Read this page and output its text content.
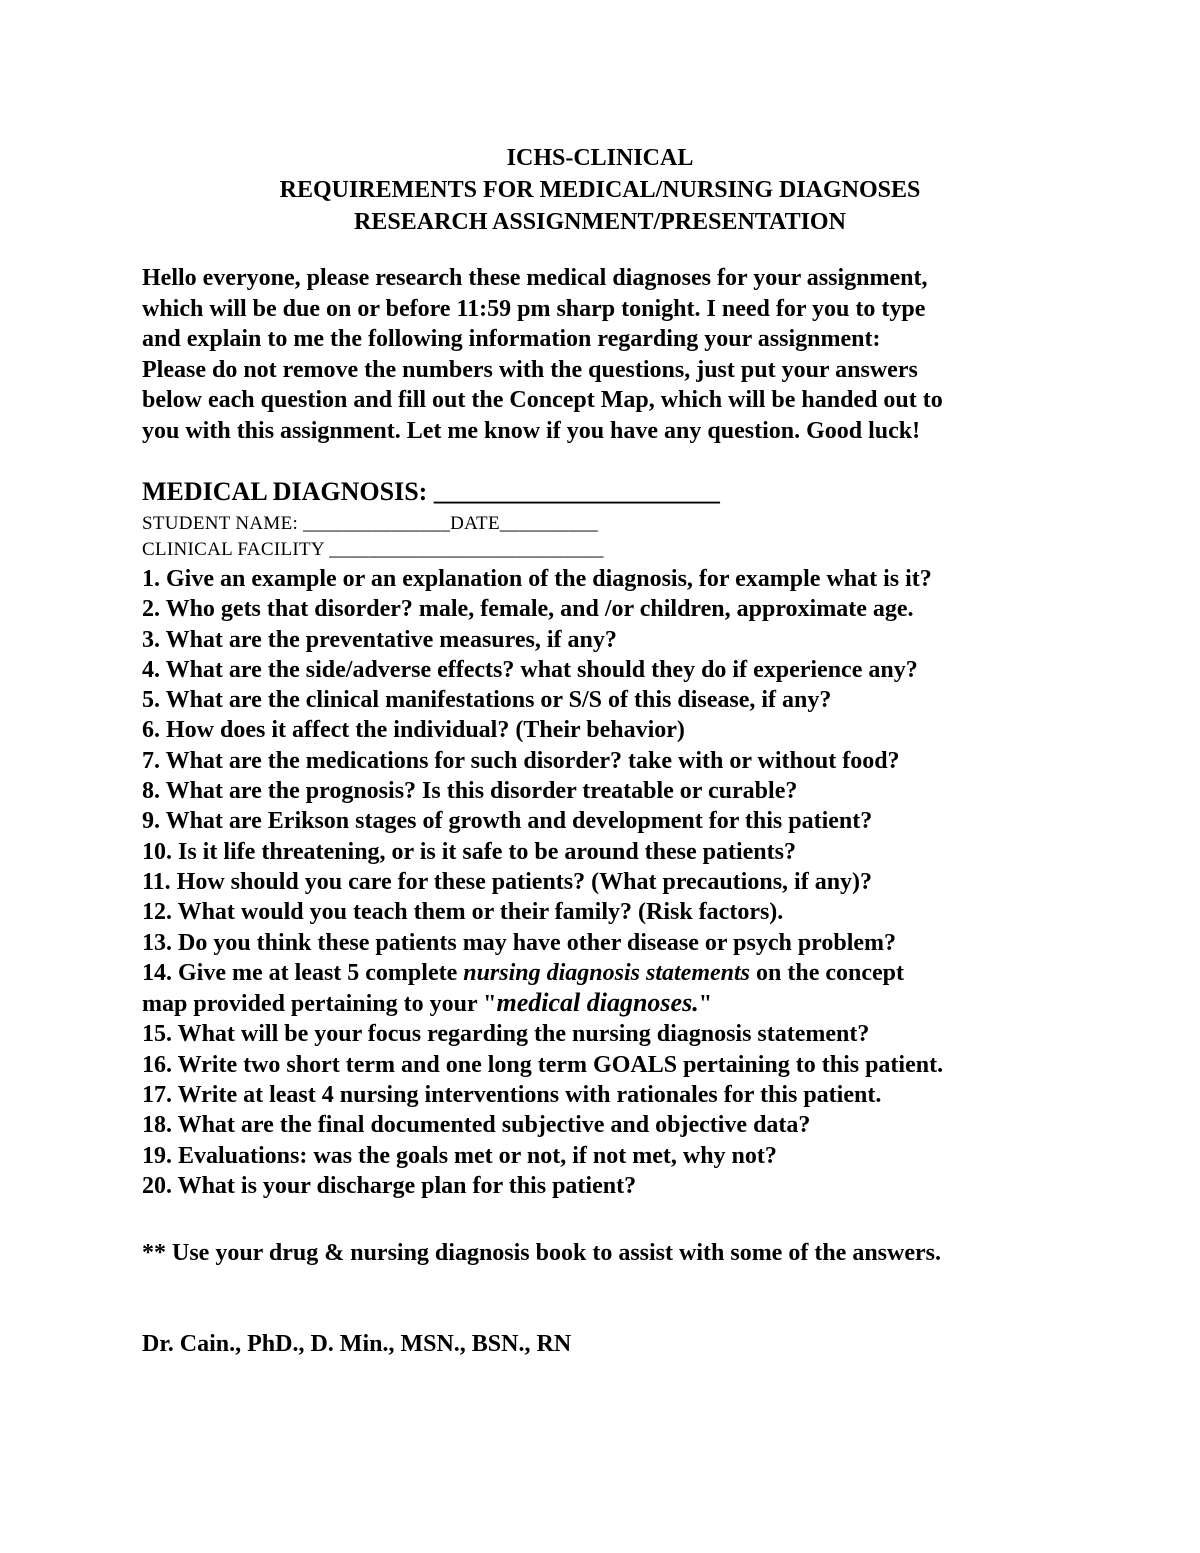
ICHS-CLINICAL
REQUIREMENTS FOR MEDICAL/NURSING DIAGNOSES
RESEARCH ASSIGNMENT/PRESENTATION
Hello everyone, please research these medical diagnoses for your assignment,
which will be due on or before 11:59 pm sharp tonight. I need for you to type
and explain to me the following information regarding your assignment:
Please do not remove the numbers with the questions, just put your answers
below each question and fill out the Concept Map, which will be handed out to
you with this assignment. Let me know if you have any question. Good luck!
MEDICAL DIAGNOSIS: ______________________
STUDENT NAME: _______________DATE__________
CLINICAL FACILITY ____________________________
1. Give an example or an explanation of the diagnosis, for example what is it?
2. Who gets that disorder? male, female, and /or children, approximate age.
3. What are the preventative measures, if any?
4. What are the side/adverse effects? what should they do if experience any?
5. What are the clinical manifestations or S/S of this disease, if any?
6. How does it affect the individual? (Their behavior)
7. What are the medications for such disorder? take with or without food?
8. What are the prognosis? Is this disorder treatable or curable?
9. What are Erikson stages of growth and development for this patient?
10. Is it life threatening, or is it safe to be around these patients?
11. How should you care for these patients? (What precautions, if any)?
12. What would you teach them or their family? (Risk factors).
13. Do you think these patients may have other disease or psych problem?
14. Give me at least 5 complete nursing diagnosis statements on the concept
map provided pertaining to your "medical diagnoses."
15. What will be your focus regarding the nursing diagnosis statement?
16. Write two short term and one long term GOALS pertaining to this patient.
17. Write at least 4 nursing interventions with rationales for this patient.
18. What are the final documented subjective and objective data?
19. Evaluations: was the goals met or not, if not met, why not?
20. What is your discharge plan for this patient?
** Use your drug & nursing diagnosis book to assist with some of the answers.
Dr. Cain., PhD., D. Min., MSN., BSN., RN
